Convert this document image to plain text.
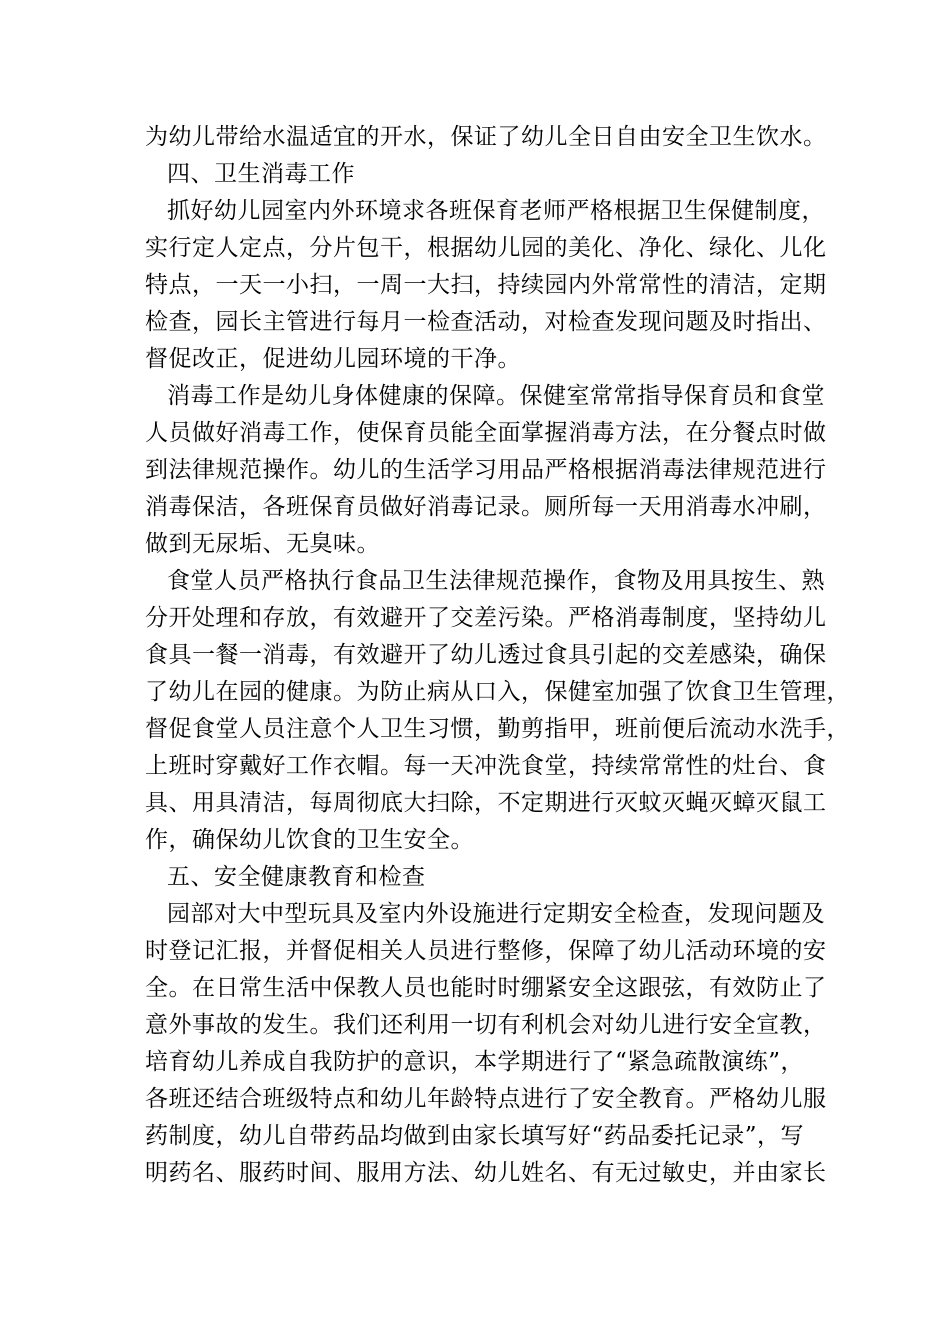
为幼儿带给水温适宜的开水，保证了幼儿全日自由安全卫生饮水。
四、卫生消毒工作
抓好幼儿园室内外环境求各班保育老师严格根据卫生保健制度，
实行定人定点，分片包干，根据幼儿园的美化、净化、绿化、儿化
特点，一天一小扫，一周一大扫，持续园内外常常性的清洁，定期
检查，园长主管进行每月一检查活动，对检查发现问题及时指出、
督促改正，促进幼儿园环境的干净。
消毒工作是幼儿身体健康的保障。保健室常常指导保育员和食堂
人员做好消毒工作，使保育员能全面掌握消毒方法，在分餐点时做
到法律规范操作。幼儿的生活学习用品严格根据消毒法律规范进行
消毒保洁，各班保育员做好消毒记录。厕所每一天用消毒水冲刷，
做到无尿垢、无臭味。
食堂人员严格执行食品卫生法律规范操作，食物及用具按生、熟
分开处理和存放，有效避开了交差污染。严格消毒制度，坚持幼儿
食具一餐一消毒，有效避开了幼儿透过食具引起的交差感染，确保
了幼儿在园的健康。为防止病从口入，保健室加强了饮食卫生管理，
督促食堂人员注意个人卫生习惯，勤剪指甲，班前便后流动水洗手，
上班时穿戴好工作衣帽。每一天冲洗食堂，持续常常性的灶台、食
具、用具清洁，每周彻底大扫除，不定期进行灭蚊灭蝇灭蟑灭鼠工
作，确保幼儿饮食的卫生安全。
五、安全健康教育和检查
园部对大中型玩具及室内外设施进行定期安全检查，发现问题及
时登记汇报，并督促相关人员进行整修，保障了幼儿活动环境的安
全。在日常生活中保教人员也能时时绷紧安全这跟弦，有效防止了
意外事故的发生。我们还利用一切有利机会对幼儿进行安全宣教，
培育幼儿养成自我防护的意识，本学期进行了“紧急疏散演练”，
各班还结合班级特点和幼儿年龄特点进行了安全教育。严格幼儿服
药制度，幼儿自带药品均做到由家长填写好“药品委托记录”，写
明药名、服药时间、服用方法、幼儿姓名、有无过敏史，并由家长
